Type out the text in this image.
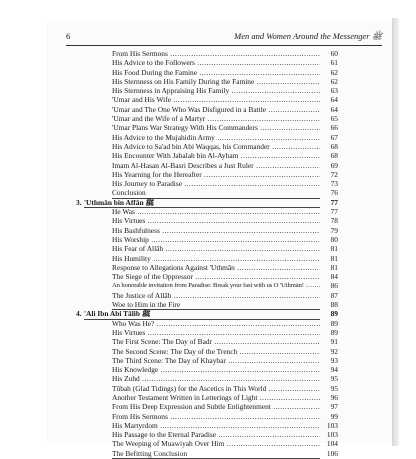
6	Men and Women Around the Messenger ﷺ
From His Sermons .....	60
His Advice to the Followers .....	61
His Food During the Famine .....	62
His Sternness on His Family During the Famine .....	62
His Sternness in Appraising His Family .....	63
'Umar and His Wife .....	64
'Umar and The One Who Was Disfigured in a Battle .....	64
'Umar and the Wife of a Martyr .....	65
'Umar Plans War Strategy With His Commanders .....	66
His Advice to the Mujahidin Army .....	67
His Advice to Sa'ad bin Abi Waqqas, his Commander .....	68
His Encounter With Jabalah bin Al-Ayham .....	68
Imam Al-Hasan Al-Basri Describes a Just Ruler .....	69
His Yearning for the Hereafter .....	72
His Journey to Paradise .....	73
Conclusion	76
3. 'Uthmān bin Affān ﷺ	77
He Was .....	77
His Virtues .....	78
His Bashfulness .....	79
His Worship .....	80
His Fear of Allāh .....	81
His Humility .....	81
Response to Allegations Against 'Uthmān .....	81
The Siege of the Oppressor .....	84
An honorable invitation from Paradise: Break your fast with us O 'Uthmān! .....	86
The Justice of Allāh .....	87
Woe to Him in the Fire	88
4. 'Ali Ibn Abi Tālib ﷺ	89
Who Was He? .....	89
His Virtues .....	89
The First Scene: The Day of Badr .....	91
The Second Scene: The Day of the Trench .....	92
The Third Scene: The Day of Khaybar .....	93
His Knowledge .....	94
His Zuhd .....	95
Tūbah (Glad Tidings) for the Ascetics in This World .....	95
Another Testament Written in Letterings of Light .....	96
From His Deep Expression and Subtle Enlightenment .....	97
From His Sermons .....	99
His Martyrdom .....	103
His Passage to the Eternal Paradise .....	103
The Weeping of Muawiyah Over Him .....	104
The Befitting Conclusion	106
